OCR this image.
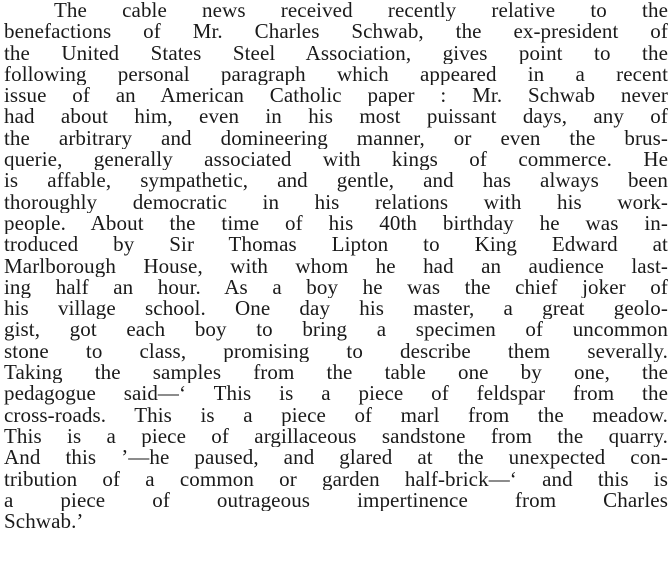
The cable news received recently relative to the
benefactions of Mr. Charles Schwab, the ex-president of
the United States Steel Association, gives point to the
following personal paragraph which appeared in a recent
issue of an American Catholic paper : Mr. Schwab never
had about him, even in his most puissant days, any of
the arbitrary and domineering manner, or even the brus-
querie, generally associated with kings of commerce. He
is affable, sympathetic, and gentle, and has always been
thoroughly democratic in his relations with his work-
people. About the time of his 40th birthday he was in-
troduced by Sir Thomas Lipton to King Edward at
Marlborough House, with whom he had an audience last-
ing half an hour. As a boy he was the chief joker of
his village school. One day his master, a great geolo-
gist, got each boy to bring a specimen of uncommon
stone to class, promising to describe them severally.
Taking the samples from the table one by one, the
pedagogue said—‘ This is a piece of feldspar from the
cross-roads. This is a piece of marl from the meadow.
This is a piece of argillaceous sandstone from the quarry.
And this ’—he paused, and glared at the unexpected con-
tribution of a common or garden half-brick—‘ and this is
a piece of outrageous impertinence from Charles
Schwab.’
